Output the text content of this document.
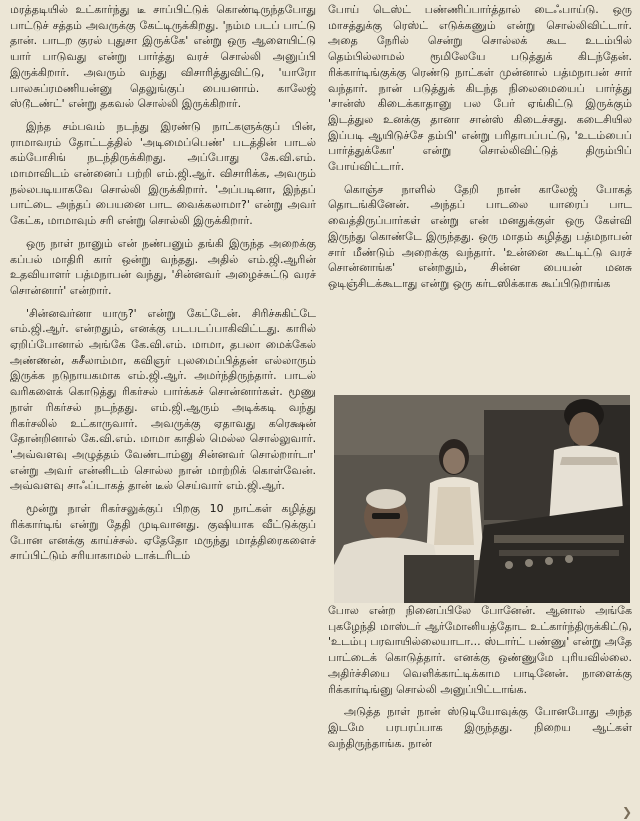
மரத்தடியில் உட்கார்ந்து டீ சாப்பிட்டுக் கொண்டிருந்தபோது பாட்டுச் சத்தம் அவருக்கு கேட்டிருக்கிறது. 'நம்ம படப் பாட்டு தான். பாடற குரல் புதுசா இருக்கே' என்று ஒரு ஆளையிட்டு யார் பாடுவது என்று பார்த்து வரச் சொல்லி அனுப்பி இருக்கிறார். அவரும் வந்து விசாரித்துவிட்டு, 'யாரோ பாலசுப்ரமணியன்னு தெலுங்குப் பையனாம். காலேஜ் ஸ்டூடண்ட்' என்று தகவல் சொல்லி இருக்கிறார்.

இந்த சம்பவம் நடந்து இரண்டு நாட்களுக்குப் பின், ராமாவரம் தோட்டத்தில் 'அடிமைப்பெண்' படத்தின் பாடல் கம்போசிங் நடந்திருக்கிறது. அப்போது கே.வி.எம். மாமாவிடம் என்னைப் பற்றி எம்.ஜி.ஆர். விசாரிக்க, அவரும் நல்லபடியாகவே சொல்லி இருக்கிறார். 'அப்படினா, இந்தப் பாட்டை அந்தப் பையனை பாட வைக்கலாமா?' என்று அவர் கேட்க, மாமாவும் சரி என்று சொல்லி இருக்கிறார்.

ஒரு நாள் நானும் என் நண்பனும் தங்கி இருந்த அறைக்கு கப்பல் மாதிரி கார் ஒன்று வந்தது. அதில் எம்.ஜி.ஆரின் உதவியாளர் பத்மநாபன் வந்து, 'சின்னவர் அழைச்சுட்டு வரச் சொன்னார்' என்றார்.

'சின்னவர்னா யாரு?' என்று கேட்டேன். சிரிச்சுகிட்டே எம்.ஜி.ஆர். என்றதும், எனக்கு படபடப்பாகிவிட்டது. காரில் ஏறிப்போனால் அங்கே கே.வி.எம். மாமா, தபலா மைக்கேல் அண்ணன், சுசீலாம்மா, கவிஞர் புலமைப்பித்தன் எல்லாரும் இருக்க நடுநாயகமாக எம்.ஜி.ஆர். அமர்ந்திருந்தார். பாடல் வரிகளைக் கொடுத்து ரிகர்சல் பார்க்கச் சொன்னார்கள். மூணு நாள் ரிகர்சல் நடந்தது. எம்.ஜி.ஆரும் அடிக்கடி வந்து ரிகர்சலில் உட்காருவார். அவருக்கு ஏதாவது கரெக்ஷன் தோன்றினால் கே.வி.எம். மாமா காதில் மெல்ல சொல்லுவார். 'அவ்வளவு அழுத்தம் வேண்டாம்னு சின்னவர் சொல்றார்டா' என்று அவர் என்னிடம் சொல்ல நான் மாற்றிக் கொள்வேன். அவ்வளவு சாஃப்டாகத் தான் டீல் செய்வார் எம்.ஜி.ஆர்.

மூன்று நாள் ரிகர்சலுக்குப் பிறகு 10 நாட்கள் கழித்து ரிக்கார்டிங் என்று தேதி முடிவானது. குஷியாக வீட்டுக்குப் போன எனக்கு காய்ச்சல். ஏதேதோ மருந்து மாத்திரைகளைச் சாப்பிட்டும் சரியாகாமல் டாக்டரிடம்

போய் டெஸ்ட் பண்ணிப்பார்த்தால் டைஃபாய்டு. ஒரு மாசத்துக்கு ரெஸ்ட் எடுக்கணும் என்று சொல்லிவிட்டார். அதை நேரில் சென்று சொல்லக் கூட உடம்பில் தெம்பில்லாமல் ரூமிலேயே படுத்துக் கிடந்தேன். ரிக்கார்டிங்குக்கு ரெண்டு நாட்கள் முன்னால் பத்மநாபன் சார் வந்தார். நான் படுத்துக் கிடந்த நிலைமையைப் பார்த்து 'சான்ஸ் கிடைக்காதானு பல பேர் ஏங்கிட்டு இருக்கும் இடத்துல உனக்கு தானா சான்ஸ் கிடைச்சது. கடைசியில இப்படி ஆயிடுச்சே தம்பி' என்று பரிதாபப்பட்டு, 'உடம்பைப் பார்த்துக்கோ' என்று சொல்லிவிட்டுத் திரும்பிப் போய்விட்டார்.

கொஞ்ச நாளில் தேறி நான் காலேஜ் போகத் தொடங்கினேன். அந்தப் பாடலை யாரைப் பாட வைத்திருப்பார்கள் என்று என் மனதுக்குள் ஒரு கேள்வி இருந்து கொண்டே இருந்தது. ஒரு மாதம் கழித்து பத்மநாபன் சார் மீண்டும் அறைக்கு வந்தார். 'உன்னை கூட்டிட்டு வரச் சொன்னாங்க' என்றதும், சின்ன பையன் மனசு ஒடிஞ்சிடக்கூடாது என்று ஒரு கர்டஸிக்காக கூப்பிடுறாங்க

போல என்ற நினைப்பிலே போனேன். ஆனால் அங்கே புகழேந்தி மாஸ்டர் ஆர்மோனியத்தோட உட்கார்ந்திருக்கிட்டு, 'உடம்பு பரவாயில்லையாடா... ஸ்டார்ட் பண்ணு' என்று அதே பாட்டைக் கொடுத்தார். எனக்கு ஒண்ணுமே புரியவில்லை. அதிர்ச்சியை வெளிக்காட்டிக்காம பாடினேன். நாளைக்கு ரிக்கார்டிங்னு சொல்லி அனுப்பிட்டாங்க.

அடுத்த நாள் நான் ஸ்டுடியோவுக்கு போனபோது அந்த இடமே பரபரப்பாக இருந்தது. நிறைய ஆட்கள் வந்திருந்தாங்க. நான்

❯
